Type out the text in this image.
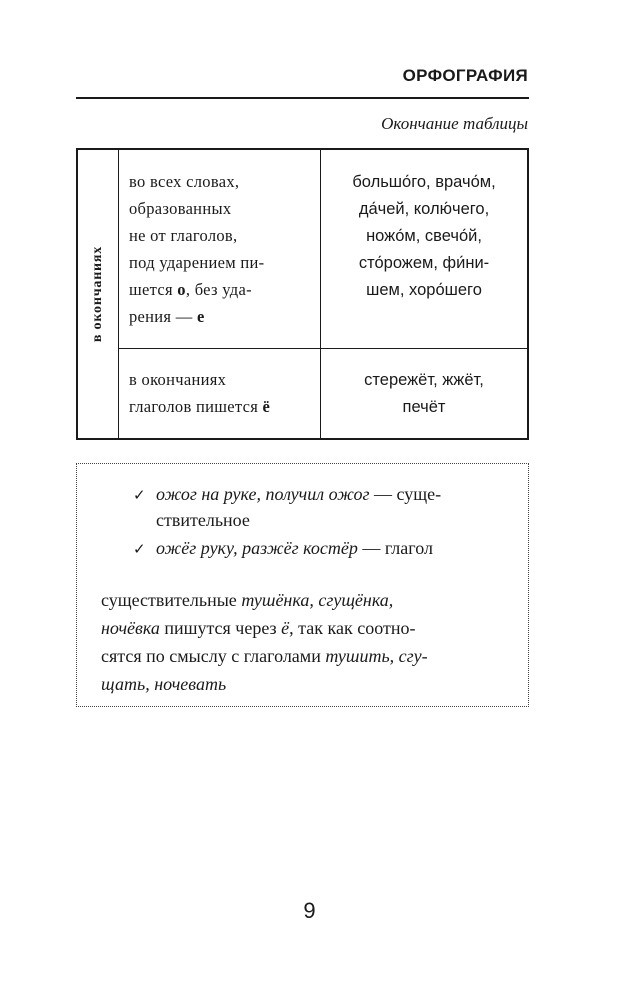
ОРФОГРАФИЯ
Окончание таблицы
в окончаниях
во всех словах,
образованных
не от глаголов,
под ударением пи-
шется о, без уда-
рения — е
большо́го, врачо́м,
да́чей, колю́чего,
ножо́м, свечо́й,
сто́рожем, фи́ни-
шем, хоро́шего
в окончаниях
глаголов пишется ё
стережёт, жжёт,
печёт
✓ ожог на руке, получил ожог — суще-
ствительное
✓ ожёг руку, разжёг костёр — глагол
существительные тушёнка, сгущёнка,
ночёвка пишутся через ё, так как соотно-
сятся по смыслу с глаголами тушить, сгу-
щать, ночевать
9
